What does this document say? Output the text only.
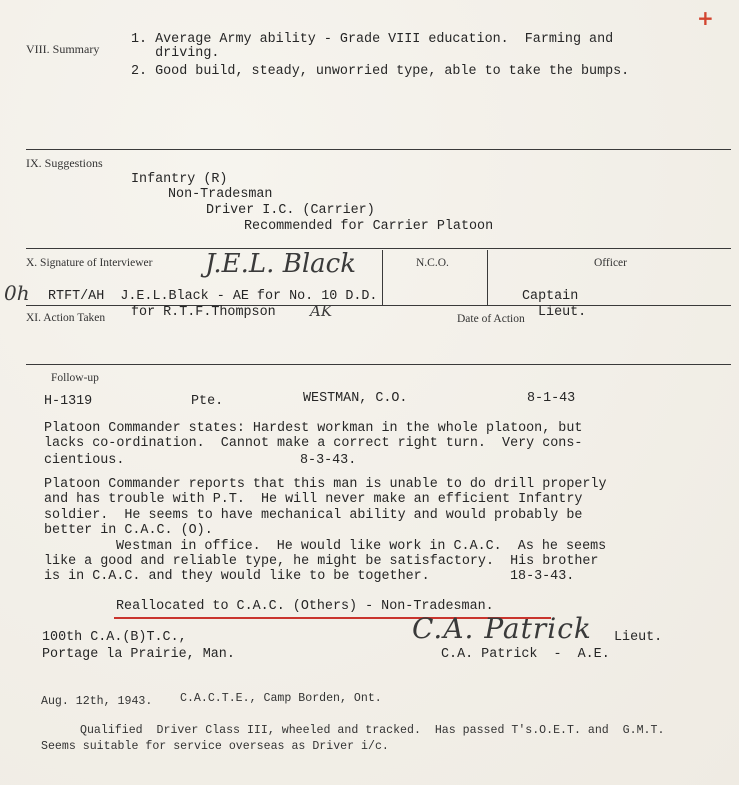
+
VIII. Summary
1. Average Army ability - Grade VIII education.  Farming and
driving.
2. Good build, steady, unworried type, able to take the bumps.
IX. Suggestions
Infantry (R)
Non-Tradesman
Driver I.C. (Carrier)
Recommended for Carrier Platoon
X. Signature of Interviewer J.E.L. Black	N.C.O.	Officer
0h RTFT/AH  J.E.L.Black - AE for No. 10 D.D.	Captain
XI. Action Taken for R.T.F.Thompson AK	Date of Action Lieut.
Follow-up
H-1319	Pte.	WESTMAN, C.O.	8-1-43
Platoon Commander states: Hardest workman in the whole platoon, but
lacks co-ordination.  Cannot make a correct right turn.  Very cons-
cientious.	8-3-43.
Platoon Commander reports that this man is unable to do drill properly
and has trouble with P.T.  He will never make an efficient Infantry
soldier.  He seems to have mechanical ability and would probably be
better in C.A.C. (O).
Westman in office.  He would like work in C.A.C.  As he seems
like a good and reliable type, he might be satisfactory.  His brother
is in C.A.C. and they would like to be together.	18-3-43.
Reallocated to C.A.C. (Others) - Non-Tradesman.
100th C.A.(B)T.C.,
Portage la Prairie, Man.
C.A. Patrick Lieut.
C.A. Patrick  -  A.E.
Aug. 12th, 1943. C.A.C.T.E., Camp Borden, Ont.
Qualified  Driver Class III, wheeled and tracked.  Has passed T's.O.E.T. and  G.M.T.
Seems suitable for service overseas as Driver i/c.
